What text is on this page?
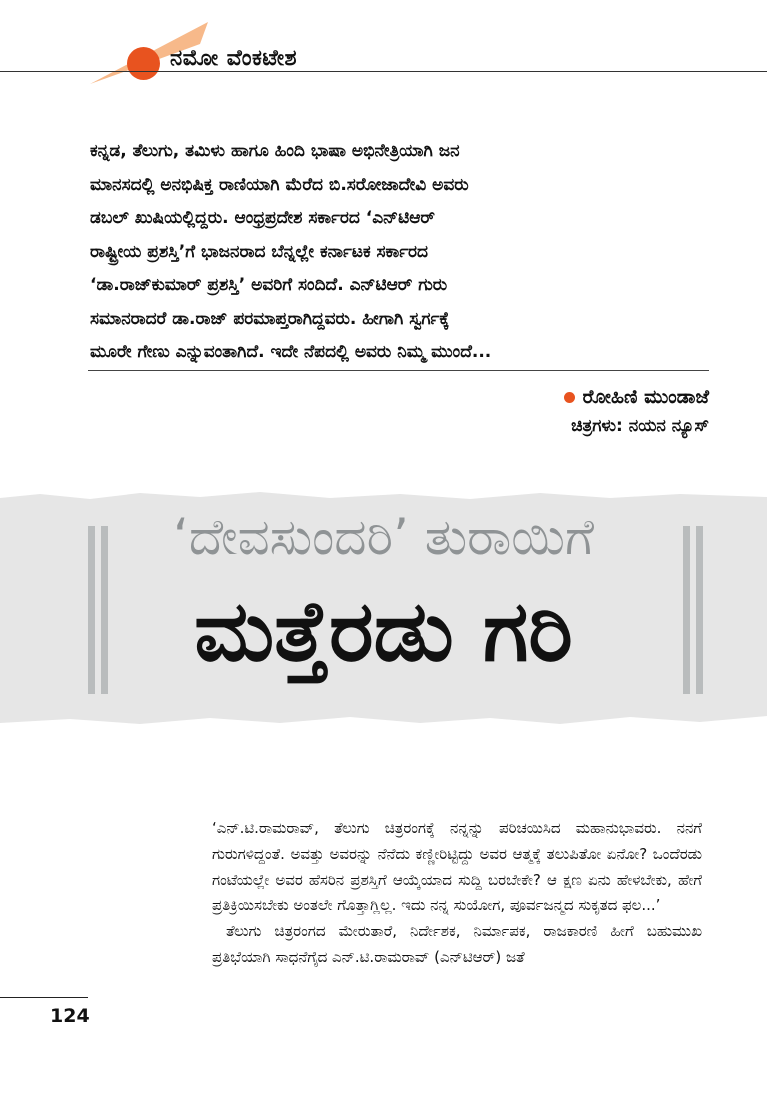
ನಮೋ ವೆಂಕಟೇಶ

ಕನ್ನಡ, ತೆಲುಗು, ತಮಿಳು ಹಾಗೂ ಹಿಂದಿ ಭಾಷಾ ಅಭಿನೇತ್ರಿಯಾಗಿ ಜನ

ಮಾನಸದಲ್ಲಿ ಅನಭಿಷಿಕ್ತ ರಾಣಿಯಾಗಿ ಮೆರೆದ ಬಿ.ಸರೋಜಾದೇವಿ ಅವರು

ಡಬಲ್ ಖುಷಿಯಲ್ಲಿದ್ದರು. ಆಂಧ್ರಪ್ರದೇಶ ಸರ್ಕಾರದ ‘ಎನ್‌ಟಿಆರ್

ರಾಷ್ಟ್ರೀಯ ಪ್ರಶಸ್ತಿ’ಗೆ ಭಾಜನರಾದ ಬೆನ್ನಲ್ಲೇ ಕರ್ನಾಟಕ ಸರ್ಕಾರದ

‘ಡಾ.ರಾಜ್‌ಕುಮಾರ್ ಪ್ರಶಸ್ತಿ’ ಅವರಿಗೆ ಸಂದಿದೆ. ಎನ್‌ಟಿಆರ್ ಗುರು

ಸಮಾನರಾದರೆ ಡಾ.ರಾಜ್ ಪರಮಾಪ್ತರಾಗಿದ್ದವರು. ಹೀಗಾಗಿ ಸ್ವರ್ಗಕ್ಕೆ

ಮೂರೇ ಗೇಣು ಎನ್ನುವಂತಾಗಿದೆ. ಇದೇ ನೆಪದಲ್ಲಿ ಅವರು ನಿಮ್ಮ ಮುಂದೆ...

ರೋಹಿಣಿ ಮುಂಡಾಜೆ
ಚಿತ್ರಗಳು: ನಯನ ನ್ಯೂಸ್
‘ದೇವಸುಂದರಿ’ ತುರಾಯಿಗೆ
ಮತ್ತೆರಡು ಗರಿ

‘ಎನ್.ಟಿ.ರಾಮರಾವ್, ತೆಲುಗು ಚಿತ್ರರಂಗಕ್ಕೆ ನನ್ನನ್ನು ಪರಿಚಯಿಸಿದ ಮಹಾನುಭಾವರು. ನನಗೆ ಗುರುಗಳಿದ್ದಂತೆ. ಅವತ್ತು ಅವರನ್ನು ನೆನೆದು ಕಣ್ಣೀರಿಟ್ಟಿದ್ದು ಅವರ ಆತ್ಮಕ್ಕೆ ತಲುಪಿತೋ ಏನೋ? ಒಂದೆರಡು ಗಂಟೆಯಲ್ಲೇ ಅವರ ಹೆಸರಿನ ಪ್ರಶಸ್ತಿಗೆ ಆಯ್ಕೆಯಾದ ಸುದ್ದಿ ಬರಬೇಕೇ? ಆ ಕ್ಷಣ ಏನು ಹೇಳಬೇಕು, ಹೇಗೆ ಪ್ರತಿಕ್ರಿಯಿಸಬೇಕು ಅಂತಲೇ ಗೊತ್ತಾಗ್ಲಿಲ್ಲ. ಇದು ನನ್ನ ಸುಯೋಗ, ಪೂರ್ವಜನ್ಮದ ಸುಕೃತದ ಫಲ...’

ತೆಲುಗು ಚಿತ್ರರಂಗದ ಮೇರುತಾರೆ, ನಿರ್ದೇಶಕ, ನಿರ್ಮಾಪಕ, ರಾಜಕಾರಣಿ ಹೀಗೆ ಬಹುಮುಖ ಪ್ರತಿಭೆಯಾಗಿ ಸಾಧನೆಗೈದ ಎನ್.ಟಿ.ರಾಮರಾವ್ (ಎನ್‌ಟಿಆರ್) ಜತೆ

124
